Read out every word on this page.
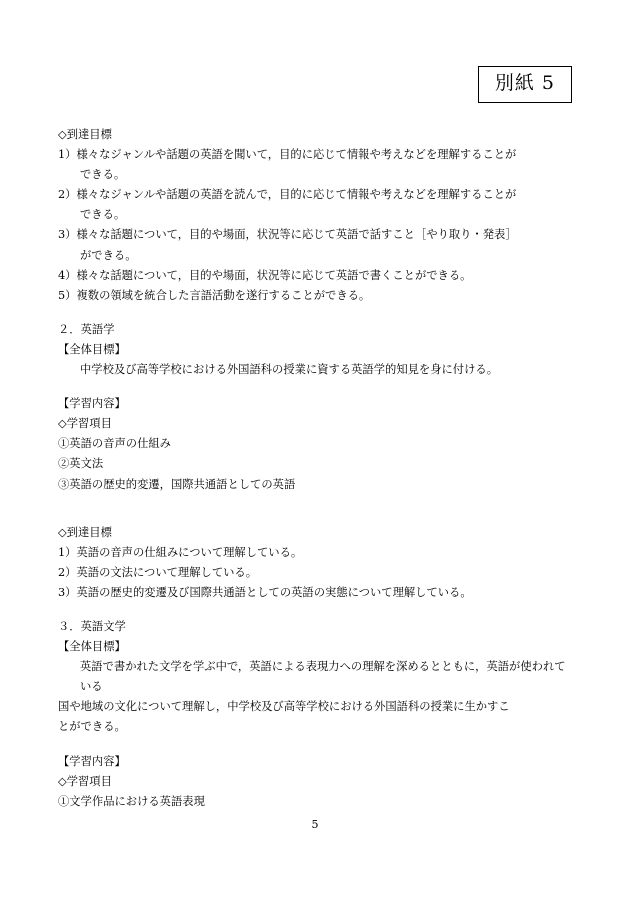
別紙 5
◇到達目標
1）様々なジャンルや話題の英語を聞いて，目的に応じて情報や考えなどを理解することが
できる。
2）様々なジャンルや話題の英語を読んで，目的に応じて情報や考えなどを理解することが
できる。
3）様々な話題について，目的や場面，状況等に応じて英語で話すこと［やり取り・発表］
ができる。
4）様々な話題について，目的や場面，状況等に応じて英語で書くことができる。
5）複数の領域を統合した言語活動を遂行することができる。
２．英語学
【全体目標】
中学校及び高等学校における外国語科の授業に資する英語学的知見を身に付ける。
【学習内容】
◇学習項目
①英語の音声の仕組み
②英文法
③英語の歴史的変遷，国際共通語としての英語
◇到達目標
1）英語の音声の仕組みについて理解している。
2）英語の文法について理解している。
3）英語の歴史的変遷及び国際共通語としての英語の実態について理解している。
３．英語文学
【全体目標】
英語で書かれた文学を学ぶ中で，英語による表現力への理解を深めるとともに，英語が使われている
国や地域の文化について理解し，中学校及び高等学校における外国語科の授業に生かすこ
とができる。
【学習内容】
◇学習項目
①文学作品における英語表現
5
